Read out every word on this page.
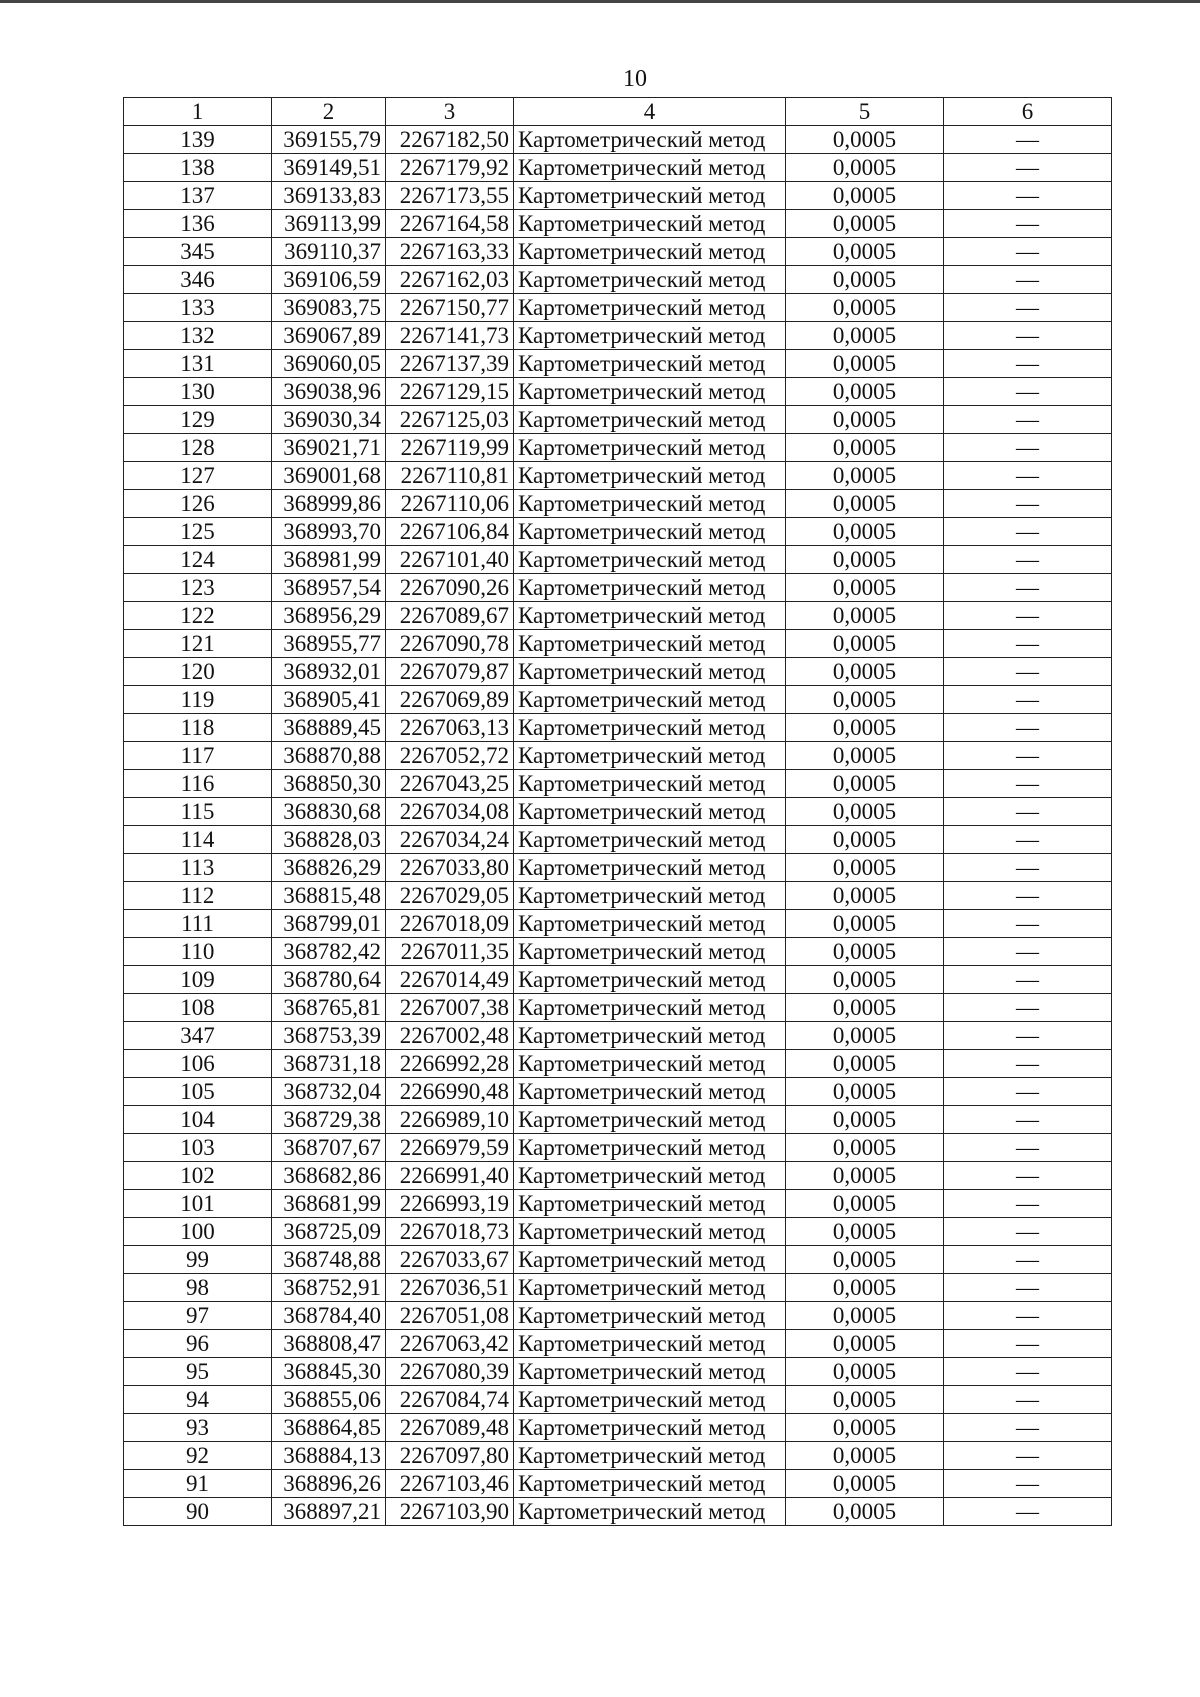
10
1	2	3	4	5	6
139	369155,79	2267182,50	Картометрический метод	0,0005	—
138	369149,51	2267179,92	Картометрический метод	0,0005	—
137	369133,83	2267173,55	Картометрический метод	0,0005	—
136	369113,99	2267164,58	Картометрический метод	0,0005	—
345	369110,37	2267163,33	Картометрический метод	0,0005	—
346	369106,59	2267162,03	Картометрический метод	0,0005	—
133	369083,75	2267150,77	Картометрический метод	0,0005	—
132	369067,89	2267141,73	Картометрический метод	0,0005	—
131	369060,05	2267137,39	Картометрический метод	0,0005	—
130	369038,96	2267129,15	Картометрический метод	0,0005	—
129	369030,34	2267125,03	Картометрический метод	0,0005	—
128	369021,71	2267119,99	Картометрический метод	0,0005	—
127	369001,68	2267110,81	Картометрический метод	0,0005	—
126	368999,86	2267110,06	Картометрический метод	0,0005	—
125	368993,70	2267106,84	Картометрический метод	0,0005	—
124	368981,99	2267101,40	Картометрический метод	0,0005	—
123	368957,54	2267090,26	Картометрический метод	0,0005	—
122	368956,29	2267089,67	Картометрический метод	0,0005	—
121	368955,77	2267090,78	Картометрический метод	0,0005	—
120	368932,01	2267079,87	Картометрический метод	0,0005	—
119	368905,41	2267069,89	Картометрический метод	0,0005	—
118	368889,45	2267063,13	Картометрический метод	0,0005	—
117	368870,88	2267052,72	Картометрический метод	0,0005	—
116	368850,30	2267043,25	Картометрический метод	0,0005	—
115	368830,68	2267034,08	Картометрический метод	0,0005	—
114	368828,03	2267034,24	Картометрический метод	0,0005	—
113	368826,29	2267033,80	Картометрический метод	0,0005	—
112	368815,48	2267029,05	Картометрический метод	0,0005	—
111	368799,01	2267018,09	Картометрический метод	0,0005	—
110	368782,42	2267011,35	Картометрический метод	0,0005	—
109	368780,64	2267014,49	Картометрический метод	0,0005	—
108	368765,81	2267007,38	Картометрический метод	0,0005	—
347	368753,39	2267002,48	Картометрический метод	0,0005	—
106	368731,18	2266992,28	Картометрический метод	0,0005	—
105	368732,04	2266990,48	Картометрический метод	0,0005	—
104	368729,38	2266989,10	Картометрический метод	0,0005	—
103	368707,67	2266979,59	Картометрический метод	0,0005	—
102	368682,86	2266991,40	Картометрический метод	0,0005	—
101	368681,99	2266993,19	Картометрический метод	0,0005	—
100	368725,09	2267018,73	Картометрический метод	0,0005	—
99	368748,88	2267033,67	Картометрический метод	0,0005	—
98	368752,91	2267036,51	Картометрический метод	0,0005	—
97	368784,40	2267051,08	Картометрический метод	0,0005	—
96	368808,47	2267063,42	Картометрический метод	0,0005	—
95	368845,30	2267080,39	Картометрический метод	0,0005	—
94	368855,06	2267084,74	Картометрический метод	0,0005	—
93	368864,85	2267089,48	Картометрический метод	0,0005	—
92	368884,13	2267097,80	Картометрический метод	0,0005	—
91	368896,26	2267103,46	Картометрический метод	0,0005	—
90	368897,21	2267103,90	Картометрический метод	0,0005	—
